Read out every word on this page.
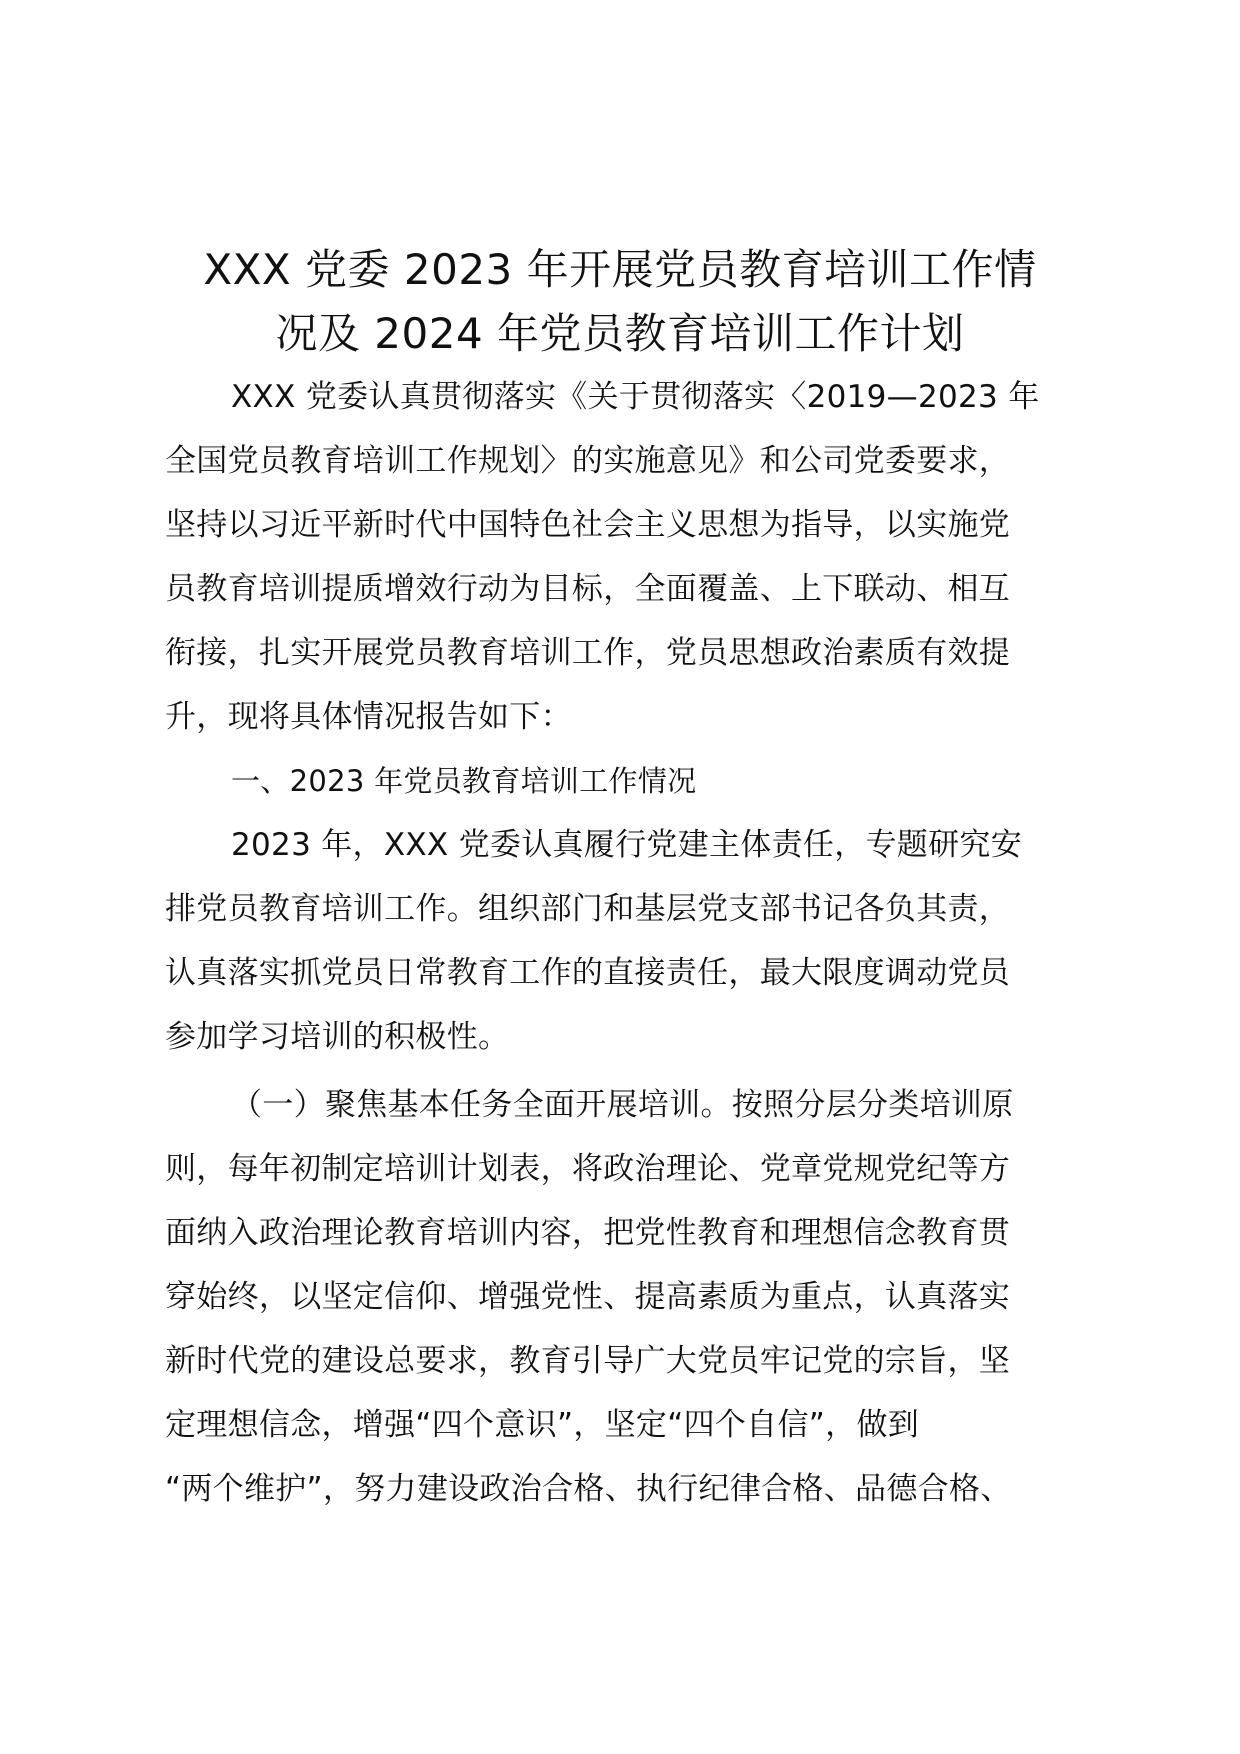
XXX 党委 2023 年开展党员教育培训工作情
况及 2024 年党员教育培训工作计划
XXX 党委认真贯彻落实《关于贯彻落实〈2019—2023 年
全国党员教育培训工作规划〉的实施意见》和公司党委要求，
坚持以习近平新时代中国特色社会主义思想为指导，以实施党
员教育培训提质增效行动为目标，全面覆盖、上下联动、相互
衔接，扎实开展党员教育培训工作，党员思想政治素质有效提
升，现将具体情况报告如下：
一、2023 年党员教育培训工作情况
2023 年，XXX 党委认真履行党建主体责任，专题研究安
排党员教育培训工作。组织部门和基层党支部书记各负其责，
认真落实抓党员日常教育工作的直接责任，最大限度调动党员
参加学习培训的积极性。
（一）聚焦基本任务全面开展培训。按照分层分类培训原
则，每年初制定培训计划表，将政治理论、党章党规党纪等方
面纳入政治理论教育培训内容，把党性教育和理想信念教育贯
穿始终，以坚定信仰、增强党性、提高素质为重点，认真落实
新时代党的建设总要求，教育引导广大党员牢记党的宗旨，坚
定理想信念，增强“四个意识”，坚定“四个自信”，做到
“两个维护”，努力建设政治合格、执行纪律合格、品德合格、
